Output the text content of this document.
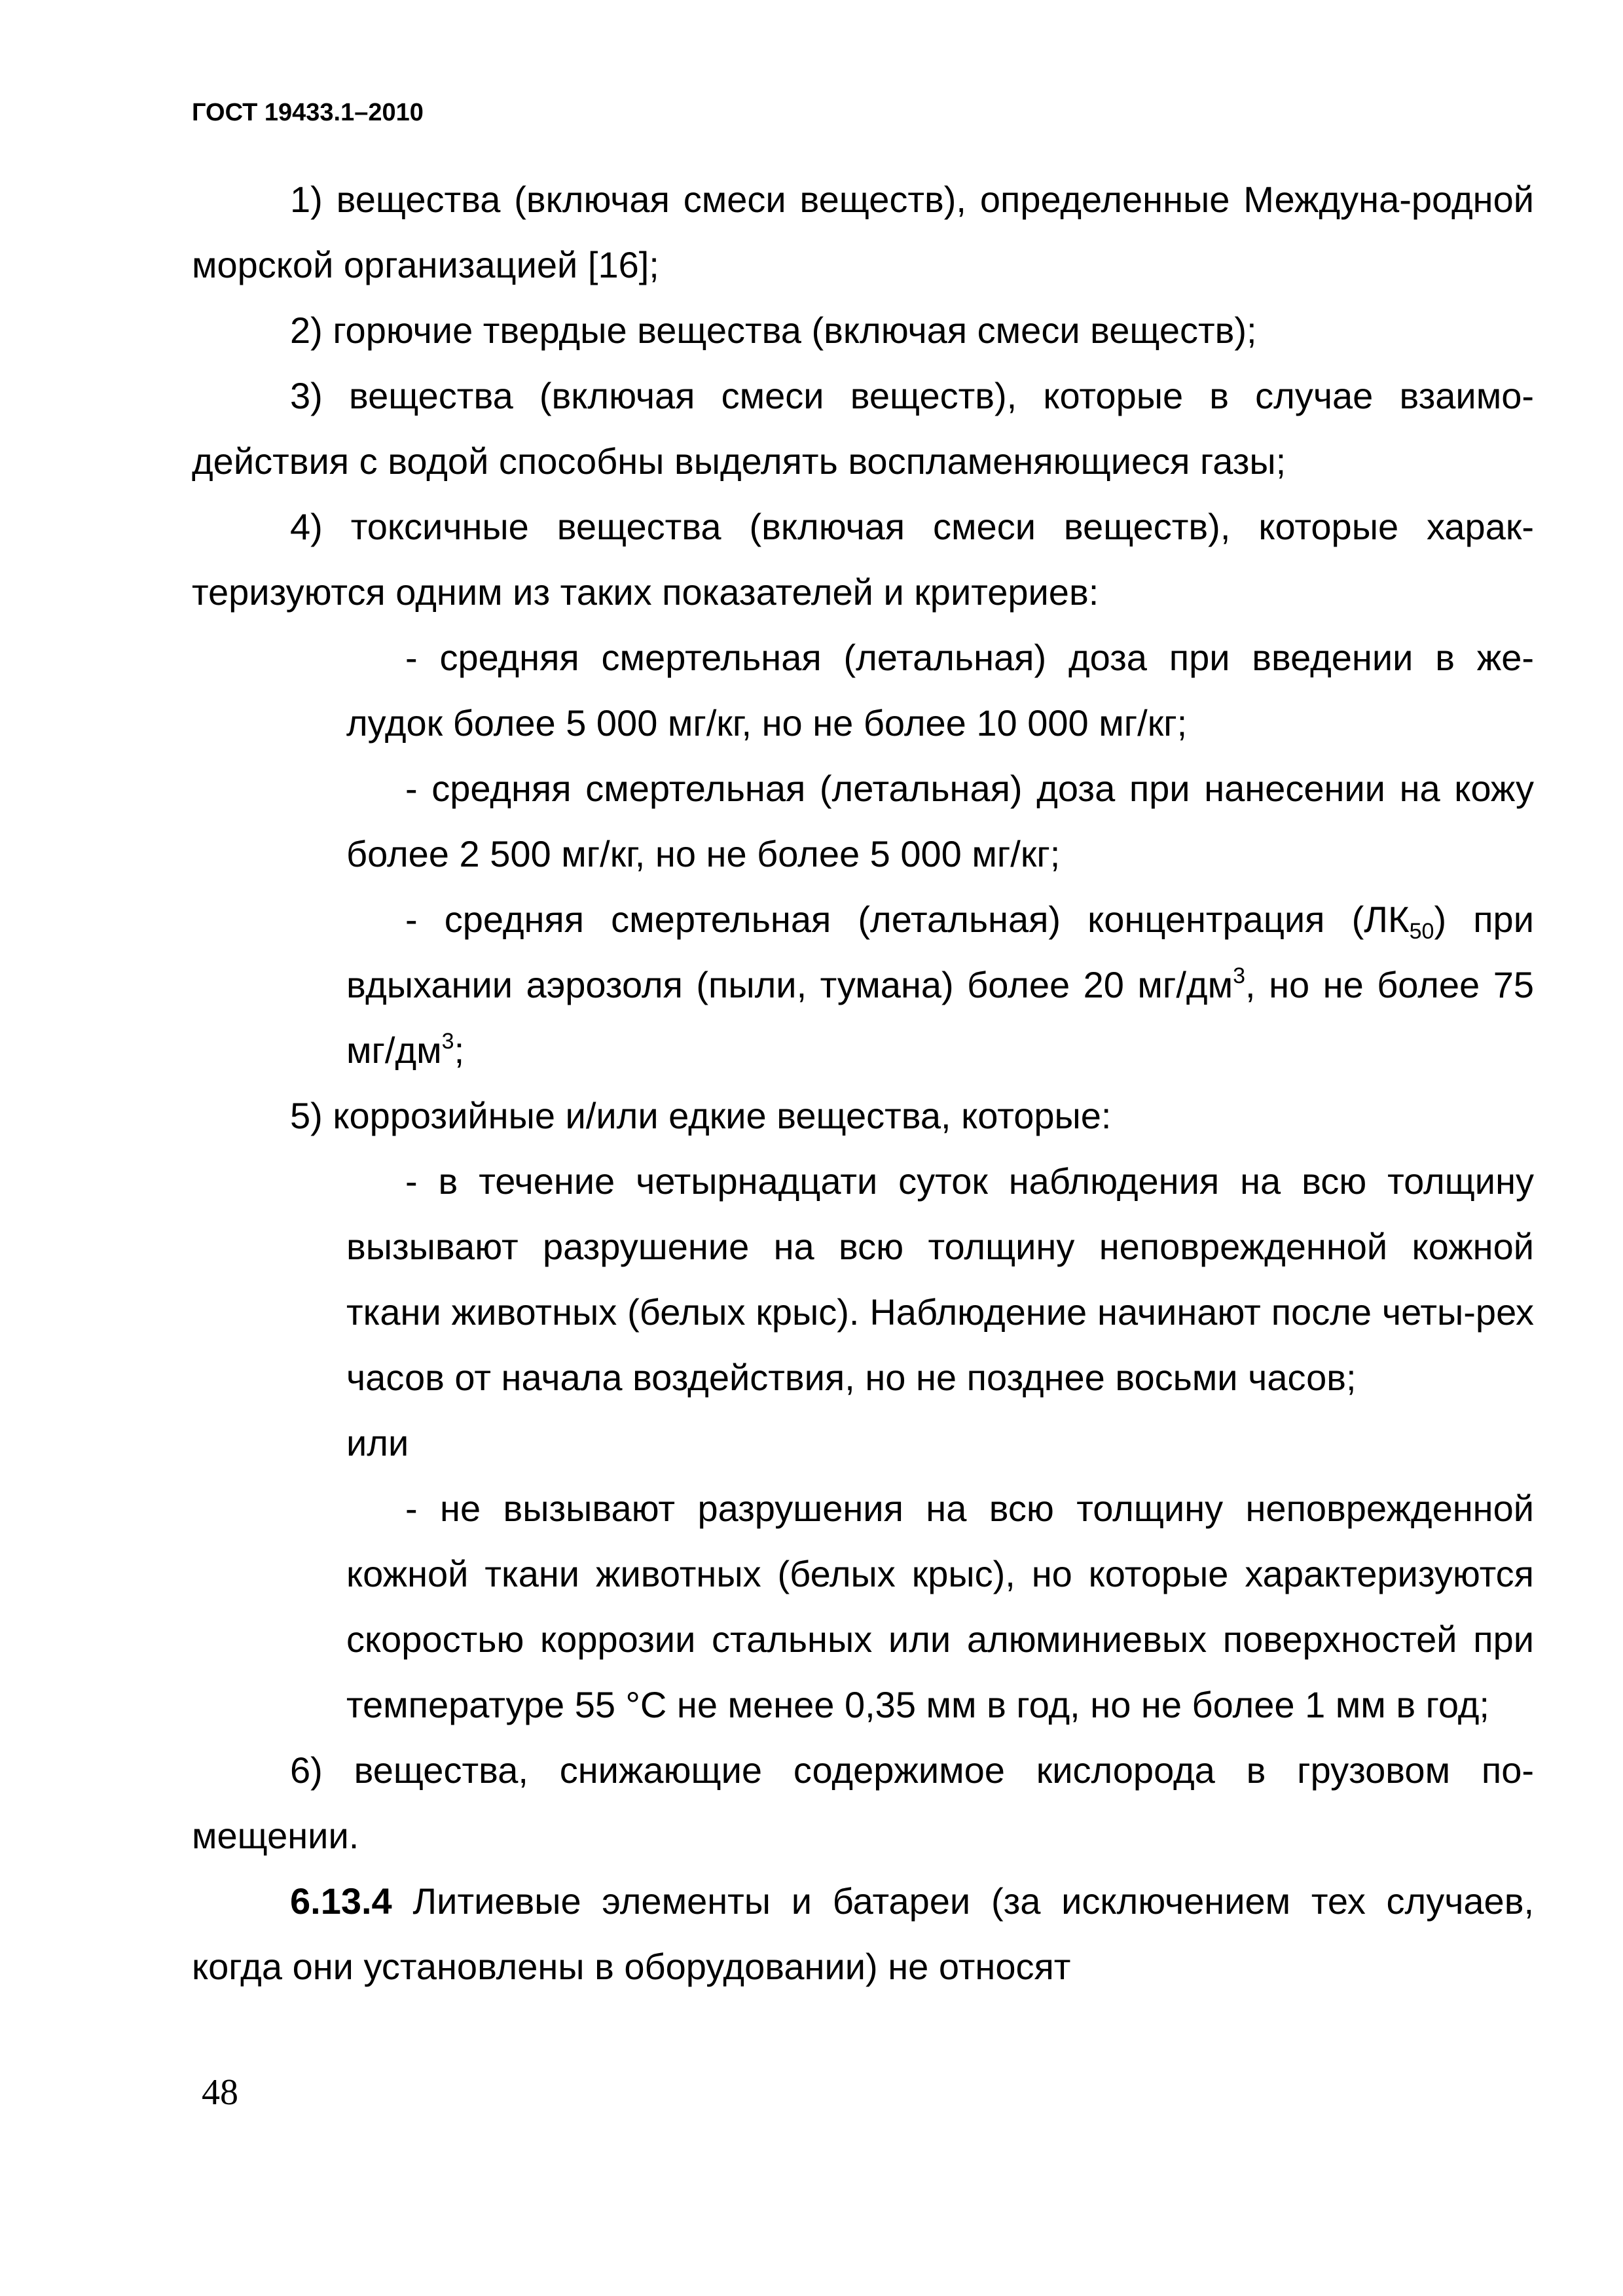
ГОСТ 19433.1–2010

1) вещества (включая смеси веществ), определенные Междуна-родной морской организацией [16];

2) горючие твердые вещества (включая смеси веществ);

3) вещества (включая смеси веществ), которые в случае взаимо-действия с водой способны выделять воспламеняющиеся газы;

4) токсичные вещества (включая смеси веществ), которые харак-теризуются одним из таких показателей и критериев:

- средняя смертельная (летальная) доза при введении в же-лудок более 5 000 мг/кг, но не более 10 000 мг/кг;

- средняя смертельная (летальная) доза при нанесении на кожу более 2 500 мг/кг, но не более 5 000 мг/кг;

- средняя смертельная (летальная) концентрация $(ЛК_{50})$ при вдыхании аэрозоля (пыли, тумана) более 20 $мг/дм^3$, но не более 75 $мг/дм^3$;

5) коррозийные и/или едкие вещества, которые:

- в течение четырнадцати суток наблюдения на всю толщину вызывают разрушение на всю толщину неповрежденной кожной ткани животных (белых крыс). Наблюдение начинают после четы-рех часов от начала воздействия, но не позднее восьми часов;

или

- не вызывают разрушения на всю толщину неповрежденной кожной ткани животных (белых крыс), но которые характеризуются скоростью коррозии стальных или алюминиевых поверхностей при температуре 55 °С не менее 0,35 мм в год, но не более 1 мм в год;

6) вещества, снижающие содержимое кислорода в грузовом по-мещении.

6.13.4 Литиевые элементы и батареи (за исключением тех случаев, когда они установлены в оборудовании) не относят

48
